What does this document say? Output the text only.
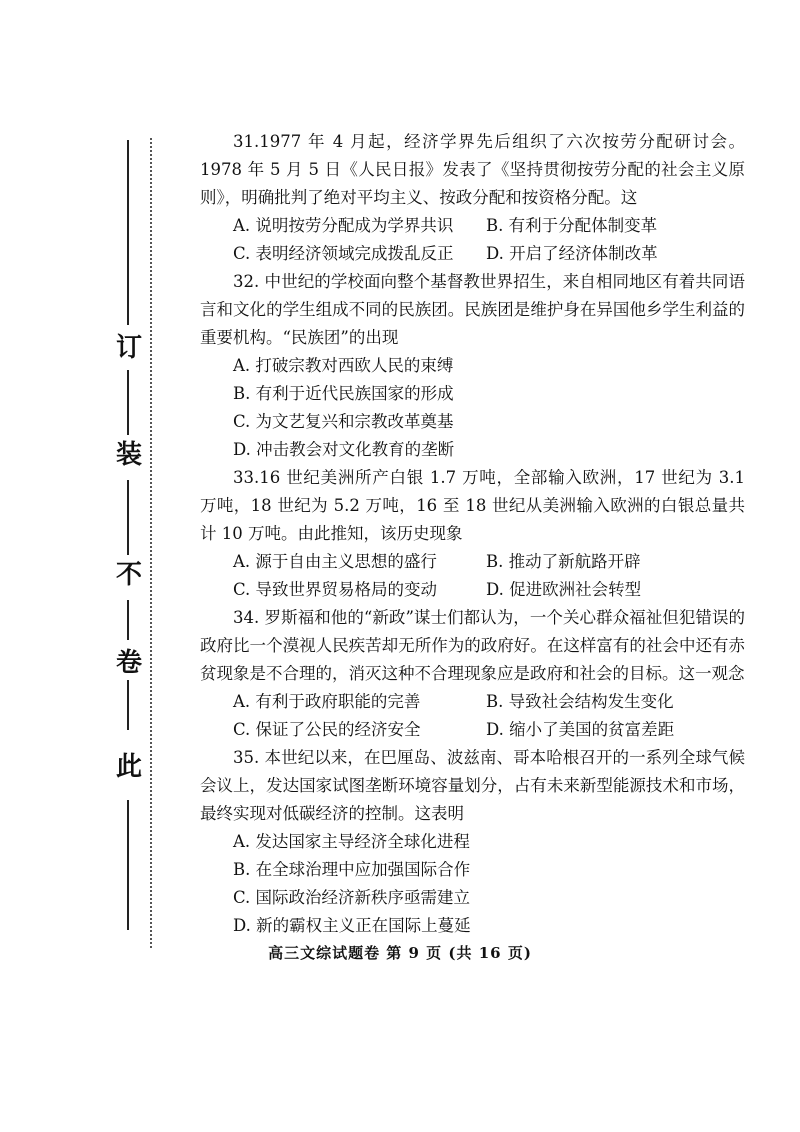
此
卷
不
装
订

31.1977 年 4 月起，经济学界先后组织了六次按劳分配研讨会。1978 年 5 月 5 日《人民日报》发表了《坚持贯彻按劳分配的社会主义原则》，明确批判了绝对平均主义、按政分配和按资格分配。这

A. 说明按劳分配成为学界共识	B. 有利于分配体制变革
C. 表明经济领域完成拨乱反正	D. 开启了经济体制改革

32. 中世纪的学校面向整个基督教世界招生，来自相同地区有着共同语言和文化的学生组成不同的民族团。民族团是维护身在异国他乡学生利益的重要机构。“民族团”的出现

A. 打破宗教对西欧人民的束缚

B. 有利于近代民族国家的形成

C. 为文艺复兴和宗教改革奠基

D. 冲击教会对文化教育的垄断

33.16 世纪美洲所产白银 1.7 万吨，全部输入欧洲，17 世纪为 3.1 万吨，18 世纪为 5.2 万吨，16 至 18 世纪从美洲输入欧洲的白银总量共计 10 万吨。由此推知，该历史现象

A. 源于自由主义思想的盛行	B. 推动了新航路开辟
C. 导致世界贸易格局的变动	D. 促进欧洲社会转型

34. 罗斯福和他的“新政”谋士们都认为，一个关心群众福祉但犯错误的政府比一个漠视人民疾苦却无所作为的政府好。在这样富有的社会中还有赤贫现象是不合理的，消灭这种不合理现象应是政府和社会的目标。这一观念

A. 有利于政府职能的完善	B. 导致社会结构发生变化
C. 保证了公民的经济安全	D. 缩小了美国的贫富差距

35. 本世纪以来，在巴厘岛、波兹南、哥本哈根召开的一系列全球气候会议上，发达国家试图垄断环境容量划分，占有未来新型能源技术和市场，最终实现对低碳经济的控制。这表明

A. 发达国家主导经济全球化进程

B. 在全球治理中应加强国际合作

C. 国际政治经济新秩序亟需建立

D. 新的霸权主义正在国际上蔓延

高三文综试题卷 第 9 页 (共 16 页)
